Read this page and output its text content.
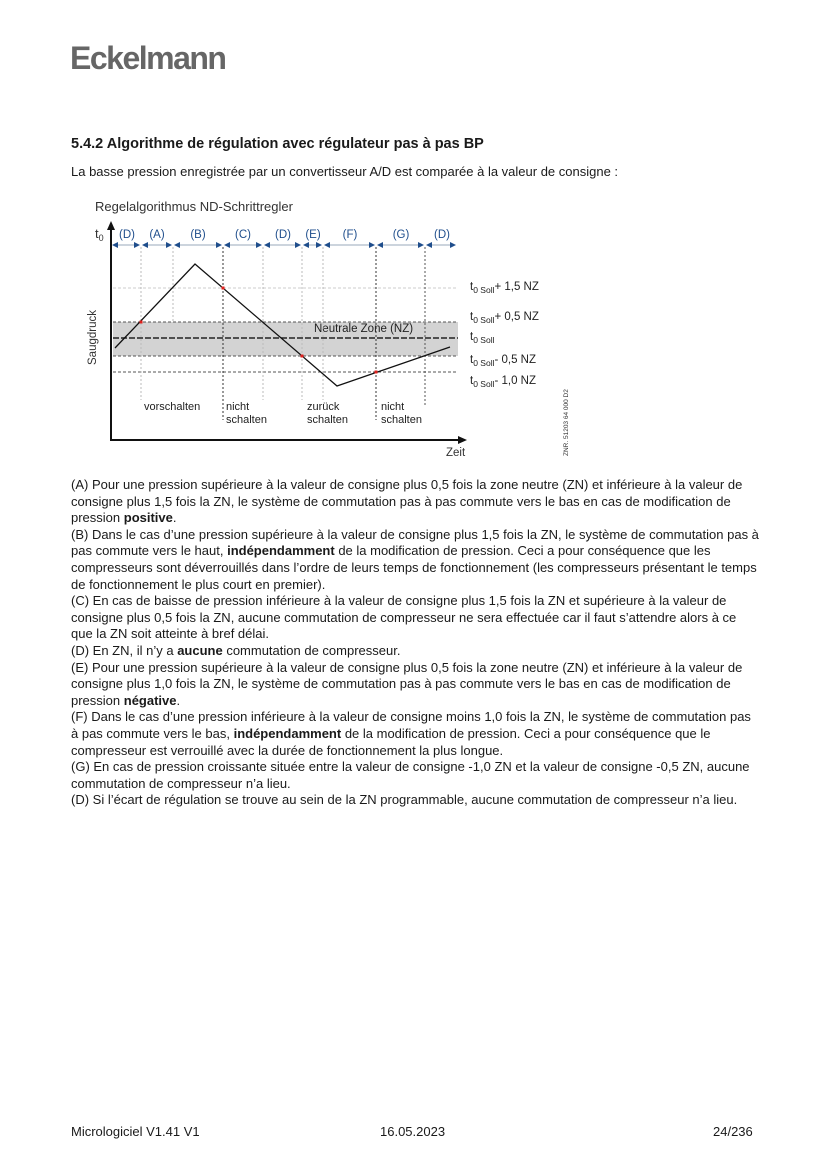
Eckelmann
5.4.2 Algorithme de régulation avec régulateur pas à pas BP
La basse pression enregistrée par un convertisseur A/D est comparée à la valeur de consigne :
Regelalgorithmus ND-Schrittregler
Neutrale Zone (NZ)
(D) (A) (B)	(C) (D) (E) (F)	(G) (D)
$t_0$
Saugdruck
Zeit
$t_{0 Soll}+ 1,5$ NZ
$t_{0 Soll}+ 0,5$ NZ
$t_{0 Soll}$
$t_{0 Soll}-$ 0,5 NZ
$t_{0 Soll}-$ 1,0 NZ
vorschalten nicht
schalten
zurück
schalten
nicht
schalten	ZNR. 51203 64 000 D2

(A) Pour une pression supérieure à la valeur de consigne plus 0,5 fois la zone neutre (ZN) et inférieure à la valeur de consigne plus 1,5 fois la ZN, le système de commutation pas à pas commute vers le bas en cas de modification de pression positive.

(B) Dans le cas d’une pression supérieure à la valeur de consigne plus 1,5 fois la ZN, le système de commutation pas à pas commute vers le haut, indépendamment de la modification de pression. Ceci a pour conséquence que les compresseurs sont déverrouillés dans l’ordre de leurs temps de fonctionnement (les compresseurs présentant le temps de fonctionnement le plus court en premier).

(C) En cas de baisse de pression inférieure à la valeur de consigne plus 1,5 fois la ZN et supérieure à la valeur de consigne plus 0,5 fois la ZN, aucune commutation de compresseur ne sera effectuée car il faut s’attendre alors à ce que la ZN soit atteinte à bref délai.

(D) En ZN, il n’y a aucune commutation de compresseur.

(E) Pour une pression supérieure à la valeur de consigne plus 0,5 fois la zone neutre (ZN) et inférieure à la valeur de consigne plus 1,0 fois la ZN, le système de commutation pas à pas commute vers le bas en cas de modification de pression négative.

(F) Dans le cas d’une pression inférieure à la valeur de consigne moins 1,0 fois la ZN, le système de commutation pas à pas commute vers le bas, indépendamment de la modification de pression. Ceci a pour conséquence que le compresseur est verrouillé avec la durée de fonctionnement la plus longue.

(G) En cas de pression croissante située entre la valeur de consigne -1,0 ZN et la valeur de consigne -0,5 ZN, aucune commutation de compresseur n’a lieu.

(D) Si l’écart de régulation se trouve au sein de la ZN programmable, aucune commutation de compresseur n’a lieu.

Micrologiciel V1.41 V1	16.05.2023	24/236
